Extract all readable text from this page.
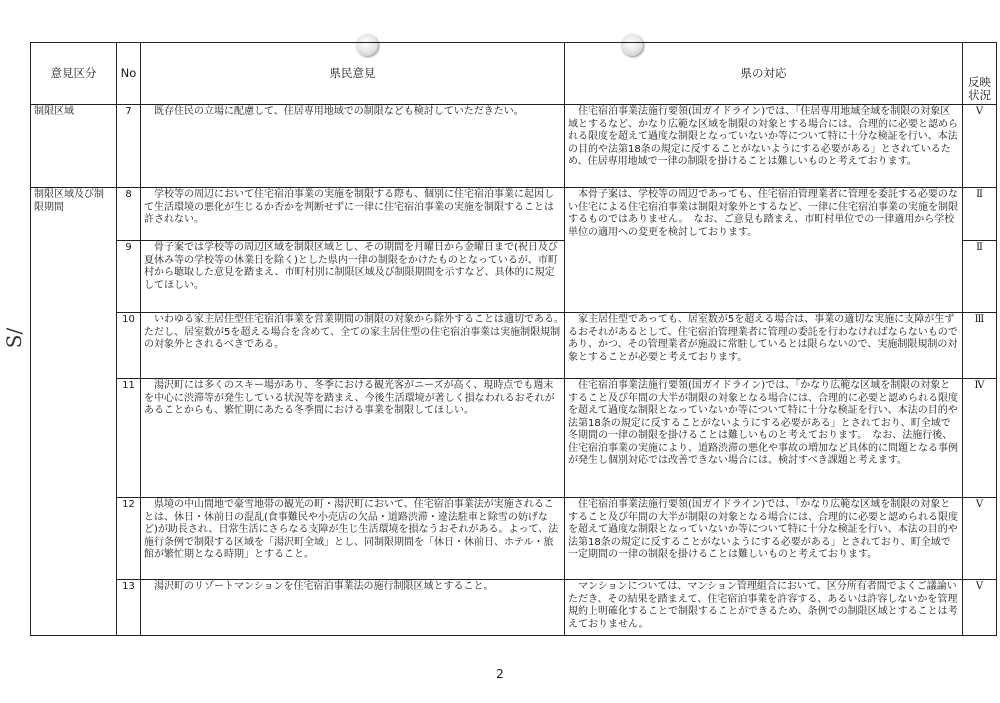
S/
意見区分	No	県民意見	県の対応	反映状況
制限区域	7	既存住民の立場に配慮して、住居専用地域での制限なども検討していただきたい。	住宅宿泊事業法施行要領(国ガイドライン)では、「住居専用地域全域を制限の対象区域とするなど、かなり広範な区域を制限の対象とする場合には、合理的に必要と認められる限度を超えて過度な制限となっていないか等について特に十分な検証を行い、本法の目的や法第18条の規定に反することがないようにする必要がある」とされているため、住居専用地域で一律の制限を掛けることは難しいものと考えております。	Ⅴ
制限区域及び制限期間	8	学校等の周辺において住宅宿泊事業の実施を制限する際も、個別に住宅宿泊事業に起因して生活環境の悪化が生じるか否かを判断せずに一律に住宅宿泊事業の実施を制限することは許されない。	本骨子案は、学校等の周辺であっても、住宅宿泊管理業者に管理を委託する必要のない住宅による住宅宿泊事業は制限対象外とするなど、一律に住宅宿泊事業の実施を制限するものではありません。　なお、ご意見も踏まえ、市町村単位での一律適用から学校単位の適用への変更を検討しております。	Ⅱ
	9	骨子案では学校等の周辺区域を制限区域とし、その期間を月曜日から金曜日まで(祝日及び夏休み等の学校等の休業日を除く)とした県内一律の制限をかけたものとなっているが、市町村から聴取した意見を踏まえ、市町村別に制限区域及び制限期間を示すなど、具体的に規定してほしい。		Ⅱ
	10	いわゆる家主居住型住宅宿泊事業を営業期間の制限の対象から除外することは適切である。　ただし、居室数が5を超える場合を含めて、全ての家主居住型の住宅宿泊事業は実施制限規制の対象外とされるべきである。	家主居住型であっても、居室数が5を超える場合は、事業の適切な実施に支障が生ずるおそれがあるとして、住宅宿泊管理業者に管理の委託を行わなければならないものであり、かつ、その管理業者が施設に常駐しているとは限らないので、実施制限規制の対象とすることが必要と考えております。	Ⅲ
	11	湯沢町には多くのスキー場があり、冬季における観光客がニーズが高く、現時点でも週末を中心に渋滞等が発生している状況等を踏まえ、今後生活環境が著しく損なわれるおそれがあることからも、繁忙期にあたる冬季間における事業を制限してほしい。	住宅宿泊事業法施行要領(国ガイドライン)では、「かなり広範な区域を制限の対象とすること及び年間の大半が制限の対象となる場合には、合理的に必要と認められる限度を超えて過度な制限となっていないか等について特に十分な検証を行い、本法の目的や法第18条の規定に反することがないようにする必要がある」とされており、町全域で冬期間の一律の制限を掛けることは難しいものと考えております。　なお、法施行後、住宅宿泊事業の実施により、道路渋滞の悪化や事故の増加など具体的に問題となる事例が発生し個別対応では改善できない場合には、検討すべき課題と考えます。	Ⅳ
	12	県境の中山間地で豪雪地帯の観光の町・湯沢町において、住宅宿泊事業法が実施されることは、休日・休前日の混乱(食事難民や小売店の欠品・道路渋滞・違法駐車と除雪の妨げなど)が助長され、日常生活にさらなる支障が生じ生活環境を損なうおそれがある。よって、法施行条例で制限する区域を「湯沢町全域」とし、同制限期間を「休日・休前日、ホテル・旅館が繁忙期となる時期」とすること。	住宅宿泊事業法施行要領(国ガイドライン)では、「かなり広範な区域を制限の対象とすること及び年間の大半が制限の対象となる場合には、合理的に必要と認められる限度を超えて過度な制限となっていないか等について特に十分な検証を行い、本法の目的や法第18条の規定に反することがないようにする必要がある」とされており、町全域で一定期間の一律の制限を掛けることは難しいものと考えております。	Ⅴ
	13	湯沢町のリゾートマンションを住宅宿泊事業法の施行制限区域とすること。	マンションについては、マンション管理組合において、区分所有者間でよくご議論いただき、その結果を踏まえて、住宅宿泊事業を許容する、あるいは許容しないかを管理規約上明確化することで制限することができるため、条例での制限区域とすることは考えておりません。	Ⅴ
2
